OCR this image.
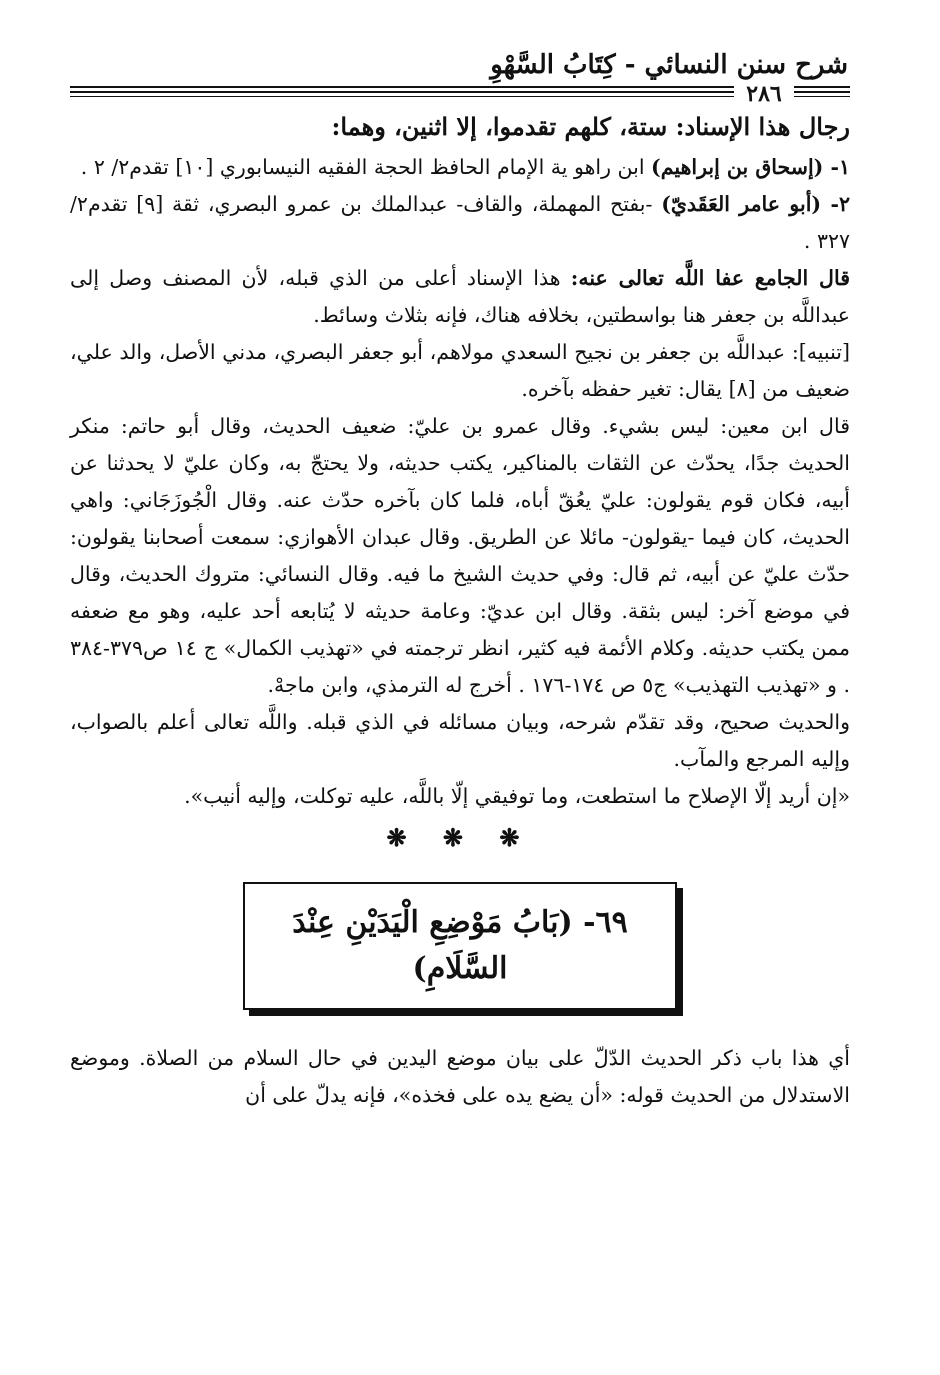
شرح سنن النسائي - كِتَابُ السَّهْوِ
٢٨٦

رجال هذا الإسناد: ستة، كلهم تقدموا، إلا اثنين، وهما:

١- (إسحاق بن إبراهيم) ابن راهو ية الإمام الحافظ الحجة الفقيه النيسابوري [١٠] تقدم٢/ ٢ .

٢- (أبو عامر العَقَديّ) -بفتح المهملة، والقاف- عبدالملك بن عمرو البصري، ثقة [٩] تقدم٢/ ٣٢٧ .

قال الجامع عفا اللَّه تعالى عنه: هذا الإسناد أعلى من الذي قبله، لأن المصنف وصل إلى عبداللَّه بن جعفر هنا بواسطتين، بخلافه هناك، فإنه بثلاث وسائط.

[تنبيه]: عبداللَّه بن جعفر بن نجيح السعدي مولاهم، أبو جعفر البصري، مدني الأصل، والد علي، ضعيف من [٨] يقال: تغير حفظه بآخره.

قال ابن معين: ليس بشيء. وقال عمرو بن عليّ: ضعيف الحديث، وقال أبو حاتم: منكر الحديث جدًا، يحدّث عن الثقات بالمناكير، يكتب حديثه، ولا يحتجّ به، وكان عليّ لا يحدثنا عن أبيه، فكان قوم يقولون: عليّ يعُقّ أباه، فلما كان بآخره حدّث عنه. وقال الْجُوزَجَاني: واهي الحديث، كان فيما -يقولون- مائلا عن الطريق. وقال عبدان الأهوازي: سمعت أصحابنا يقولون: حدّث عليّ عن أبيه، ثم قال: وفي حديث الشيخ ما فيه. وقال النسائي: متروك الحديث، وقال في موضع آخر: ليس بثقة. وقال ابن عديّ: وعامة حديثه لا يُتابعه أحد عليه، وهو مع ضعفه ممن يكتب حديثه. وكلام الأئمة فيه كثير، انظر ترجمته في «تهذيب الكمال» ج ١٤ ص٣٧٩-٣٨٤ . و «تهذيب التهذيب» ج٥ ص ١٧٤-١٧٦ . أخرج له الترمذي، وابن ماجهْ.

والحديث صحيح، وقد تقدّم شرحه، وبيان مسائله في الذي قبله. واللَّه تعالى أعلم بالصواب، وإليه المرجع والمآب.

«إن أريد إلّا الإصلاح ما استطعت، وما توفيقي إلّا باللَّه، عليه توكلت، وإليه أنيب».

❋ ❋ ❋
٦٩- (بَابُ مَوْضِعِ الْيَدَيْنِ عِنْدَ السَّلَامِ)

أي هذا باب ذكر الحديث الدّلّ على بيان موضع اليدين في حال السلام من الصلاة. وموضع الاستدلال من الحديث قوله: «أن يضع يده على فخذه»، فإنه يدلّ على أن
